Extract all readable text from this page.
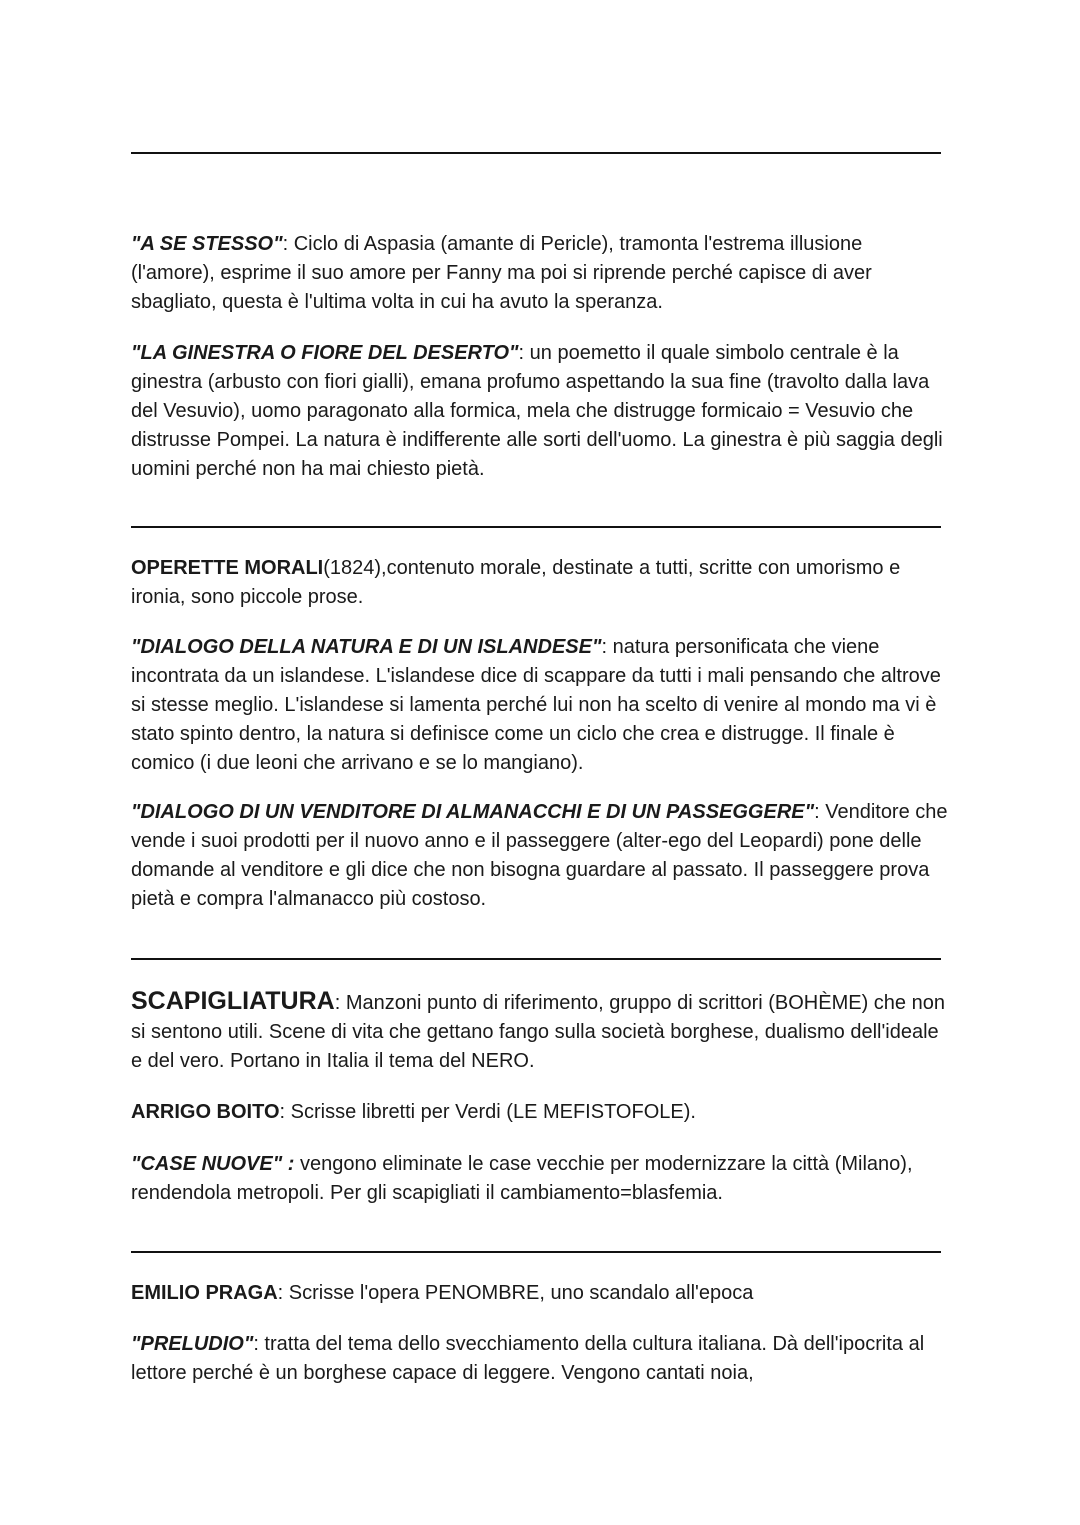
"A SE STESSO": Ciclo di Aspasia (amante di Pericle), tramonta l'estrema illusione (l'amore), esprime il suo amore per Fanny ma poi si riprende perché capisce di aver sbagliato, questa è l'ultima volta in cui ha avuto la speranza.

"LA GINESTRA O FIORE DEL DESERTO": un poemetto il quale simbolo centrale è la ginestra (arbusto con fiori gialli), emana profumo aspettando la sua fine (travolto dalla lava del Vesuvio), uomo paragonato alla formica, mela che distrugge formicaio = Vesuvio che distrusse Pompei. La natura è indifferente alle sorti dell'uomo. La ginestra è più saggia degli uomini perché non ha mai chiesto pietà.

OPERETTE MORALI(1824),contenuto morale, destinate a tutti, scritte con umorismo e ironia, sono piccole prose.

"DIALOGO DELLA NATURA E DI UN ISLANDESE": natura personificata che viene incontrata da un islandese. L'islandese dice di scappare da tutti i mali pensando che altrove si stesse meglio. L'islandese si lamenta perché lui non ha scelto di venire al mondo ma vi è stato spinto dentro, la natura si definisce come un ciclo che crea e distrugge. Il finale è comico (i due leoni che arrivano e se lo mangiano).

"DIALOGO DI UN VENDITORE DI ALMANACCHI E DI UN PASSEGGERE": Venditore che vende i suoi prodotti per il nuovo anno e il passeggere (alter-ego del Leopardi) pone delle domande al venditore e gli dice che non bisogna guardare al passato. Il passeggere prova pietà e compra l'almanacco più costoso.

SCAPIGLIATURA: Manzoni punto di riferimento, gruppo di scrittori (BOHÈME) che non si sentono utili. Scene di vita che gettano fango sulla società borghese, dualismo dell'ideale e del vero. Portano in Italia il tema del NERO.

ARRIGO BOITO: Scrisse libretti per Verdi (LE MEFISTOFOLE).

"CASE NUOVE" : vengono eliminate le case vecchie per modernizzare la città (Milano), rendendola metropoli. Per gli scapigliati il cambiamento=blasfemia.

EMILIO PRAGA: Scrisse l'opera PENOMBRE, uno scandalo all'epoca

"PRELUDIO": tratta del tema dello svecchiamento della cultura italiana. Dà dell'ipocrita al lettore perché è un borghese capace di leggere. Vengono cantati noia,
